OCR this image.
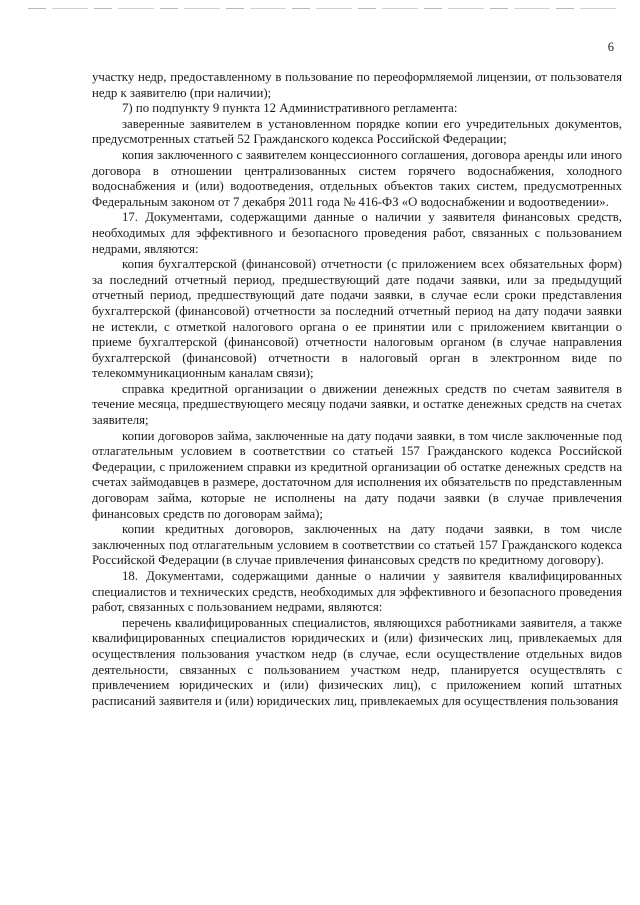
6

участку недр, предоставленному в пользование по переоформляемой лицензии, от пользователя недр к заявителю (при наличии);

7) по подпункту 9 пункта 12 Административного регламента:

заверенные заявителем в установленном порядке копии его учредительных документов, предусмотренных статьей 52 Гражданского кодекса Российской Федерации;

копия заключенного с заявителем концессионного соглашения, договора аренды или иного договора в отношении централизованных систем горячего водоснабжения, холодного водоснабжения и (или) водоотведения, отдельных объектов таких систем, предусмотренных Федеральным законом от 7 декабря 2011 года № 416-ФЗ «О водоснабжении и водоотведении».

17. Документами, содержащими данные о наличии у заявителя финансовых средств, необходимых для эффективного и безопасного проведения работ, связанных с пользованием недрами, являются:

копия бухгалтерской (финансовой) отчетности (с приложением всех обязательных форм) за последний отчетный период, предшествующий дате подачи заявки, или за предыдущий отчетный период, предшествующий дате подачи заявки, в случае если сроки представления бухгалтерской (финансовой) отчетности за последний отчетный период на дату подачи заявки не истекли, с отметкой налогового органа о ее принятии или с приложением квитанции о приеме бухгалтерской (финансовой) отчетности налоговым органом (в случае направления бухгалтерской (финансовой) отчетности в налоговый орган в электронном виде по телекоммуникационным каналам связи);

справка кредитной организации о движении денежных средств по счетам заявителя в течение месяца, предшествующего месяцу подачи заявки, и остатке денежных средств на счетах заявителя;

копии договоров займа, заключенные на дату подачи заявки, в том числе заключенные под отлагательным условием в соответствии со статьей 157 Гражданского кодекса Российской Федерации, с приложением справки из кредитной организации об остатке денежных средств на счетах займодавцев в размере, достаточном для исполнения их обязательств по представленным договорам займа, которые не исполнены на дату подачи заявки (в случае привлечения финансовых средств по договорам займа);

копии кредитных договоров, заключенных на дату подачи заявки, в том числе заключенных под отлагательным условием в соответствии со статьей 157 Гражданского кодекса Российской Федерации (в случае привлечения финансовых средств по кредитному договору).

18. Документами, содержащими данные о наличии у заявителя квалифицированных специалистов и технических средств, необходимых для эффективного и безопасного проведения работ, связанных с пользованием недрами, являются:

перечень квалифицированных специалистов, являющихся работниками заявителя, а также квалифицированных специалистов юридических и (или) физических лиц, привлекаемых для осуществления пользования участком недр (в случае, если осуществление отдельных видов деятельности, связанных с пользованием участком недр, планируется осуществлять с привлечением юридических и (или) физических лиц), с приложением копий штатных расписаний заявителя и (или) юридических лиц, привлекаемых для осуществления пользования
